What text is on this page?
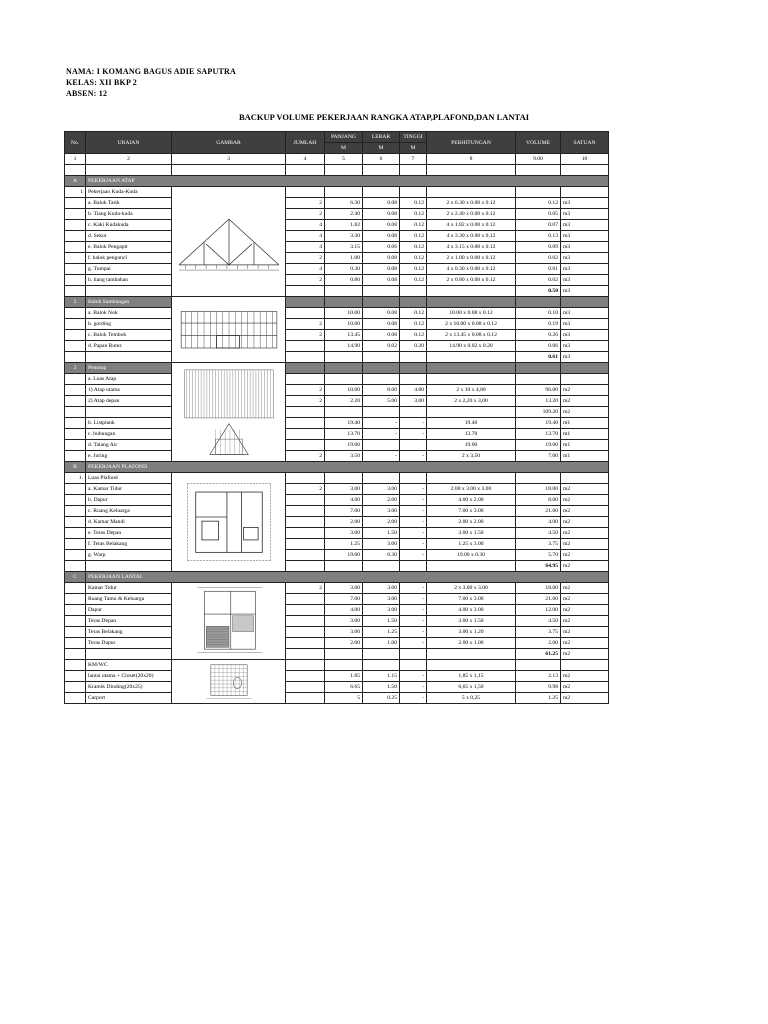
NAMA: I KOMANG BAGUS ADIE SAPUTRA
KELAS: XII BKP 2
ABSEN: 12
BACKUP VOLUME PEKERJAAN RANGKA ATAP,PLAFOND,DAN LANTAI
No.	URAIAN	GAMBAR	JUMLAH	PANJANG	LEBAR	TINGGI	PERHITUNGAN	VOLUME	SATUAN
				M	M	M			
1	2	3	4	5	6	7	8	9.00	10

A	PEKERJAAN ATAP								
1	Pekerjaan Kuda-Kuda	

	a. Balok Tarik		2	6.30	0.08	0.12	2 x 6.30 x 0.08 x 0.12	0.12	m3
	b. Tiang Kuda-kuda		2	2.40	0.08	0.12	2 x 2.40 x 0.08 x 0.12	0.05	m3
	c. Kaki Kudakuda		4	1.82	0.08	0.12	4 x 1.82 x 0.08 x 0.12	0.07	m3
	d. Sekur		4	3.30	0.08	0.12	4 x 3.30 x 0.08 x 0.12	0.13	m3
	e. Balok Pengapit		4	3.15	0.06	0.12	4 x 3.15 x 0.08 x 0.12	0.09	m3
	f. balok penguncl		2	1.00	0.08	0.12	2 x 1.00 x 0.08 x 0.12	0.02	m3
	g. Tumpai		4	0.30	0.08	0.12	4 x 0.30 x 0.08 x 0.12	0.01	m3
	h. tiang tambahan		2	0.80	0.08	0.12	2 x 0.80 x 0.08 x 0.12	0.02	m3
								0.50	m3
2	Balok Sambungan	

	a. Balok Nok			10.00	0.08	0.12	10.00 x 0.08 x 0.12	0.10	m3
	b. gording		2	10.00	0.08	0.12	2 x 10.00 x 0.08 x 0.12	0.19	m3
	c. Balok Tembok		2	13.45	0.08	0.12	2 x 13.45 x 0.08 x 0.12	0.26	m3
	d. Papan Rutez			14.90	0.02	0.20	14.90 x 0.02 x 0.20	0.06	m3
								0.61	m3
3	Penutup	

	a. Luas Atap								
	1) Atap utama		2	10.00	8.00	4.80	2 x 10 x 4,80	96.00	m2
	2) Atap depan		2	2.20	5.00	3.00	2 x 2,20 x 3,00	13.20	m2
								109.20	m2
	b. Listplank			19.40	-	-	19.40	19.40	m1
	c. bubungan			13.70	-	-	13.70	13.70	m1
	d. Talang Air			19.00			19.00	19.00	m1
	e. Juring		2	3.50	-	-	2 x 3,50	7.00	m1
B	PEKERJAAN PLAFOND								
1.	Luas Plafond	

	a. Kamar Tidur		2	3.00	3.00	-	2.00 x 3.00 x 3.00	18.00	m2
	b. Dapur			4.00	2.00	-	4.00 x 2.00	8.00	m2
	c. Ruang Keluarga			7.00	3.00	-	7.00 x 3.00	21.00	m2
	d. Kamar Mandi			2.00	2.00	-	2.00 x 2.00	4.00	m2
	e. Teras Depan			3.00	1.50	-	3.00 x 1.50	4.50	m2
	f. Teras Belakang			1.25	3.00	-	1.25 x 3.00	3.75	m2
	g. Warp			19.00	0.30	-	19.00 x 0.30	5.70	m2
								64.95	m2
C	PEKERJAAN LANTAI								
	Kamar Tidur		2	3.00	3.00	-	2 x 3.00 x 3.00	18.00	m2
	Ruang Tamu & Keluarga			7.00	3.00	-	7.00 x 3.00	21.00	m2
	Dapur			4.00	3.00	-	4.00 x 3.00	12.00	m2
	Teras Depan			3.00	1.50	-	3.00 x 1.50	4.50	m2
	Teras Belakang			3.00	1.25	-	3.00 x 1.20	3.75	m2
	Teras Dapur			2.00	1.00	-	2.00 x 1.00	2.00	m2
								61.25	m2
	KM/WC	

	lantai utama + Closet(20x20)			1.85	1.15	-	1,85 x 1,15	2.13	m2
	Kramik Dinding(20x25)			6.65	1.50	-	6,65 x 1,50	9.98	m2
	Carport			5	0.25	-	5 x 0,25	1.25	m2
